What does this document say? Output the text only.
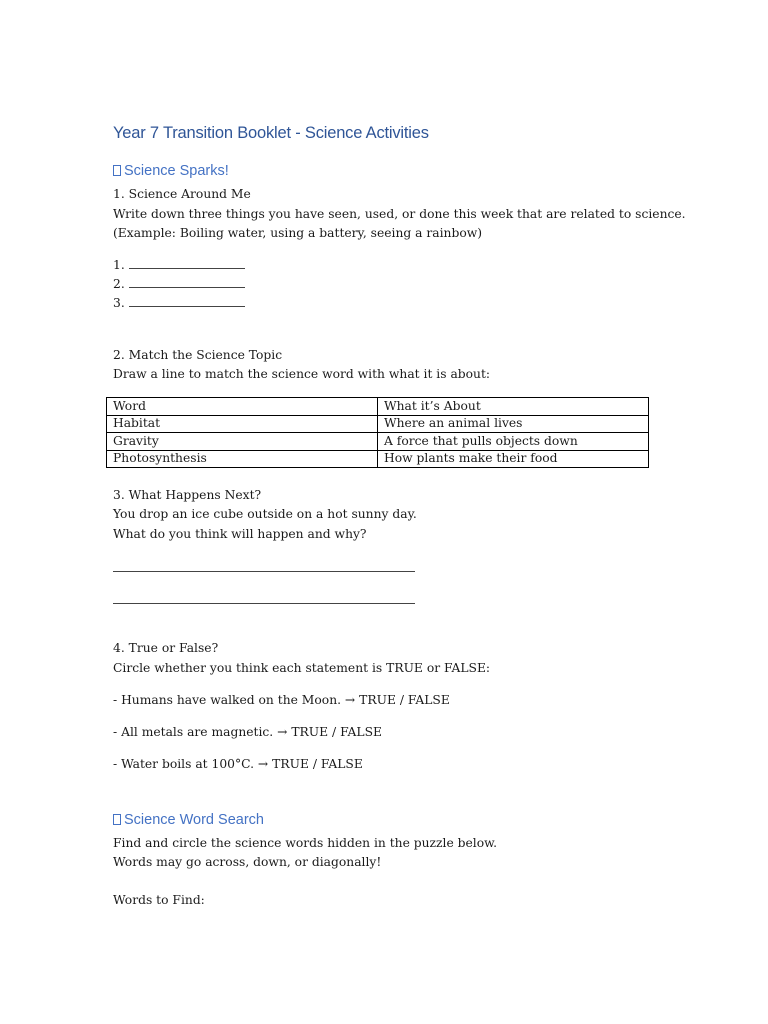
Year 7 Transition Booklet - Science Activities
Science Sparks!
1. Science Around Me
Write down three things you have seen, used, or done this week that are related to science.
(Example: Boiling water, using a battery, seeing a rainbow)
1.
2.
3.
2. Match the Science Topic
Draw a line to match the science word with what it is about:
Word	What it’s About
Habitat	Where an animal lives
Gravity	A force that pulls objects down
Photosynthesis	How plants make their food
3. What Happens Next?
You drop an ice cube outside on a hot sunny day.
What do you think will happen and why?
4. True or False?
Circle whether you think each statement is TRUE or FALSE:
- Humans have walked on the Moon. → TRUE / FALSE
- All metals are magnetic. → TRUE / FALSE
- Water boils at 100°C. → TRUE / FALSE
Science Word Search
Find and circle the science words hidden in the puzzle below.
Words may go across, down, or diagonally!
Words to Find:
